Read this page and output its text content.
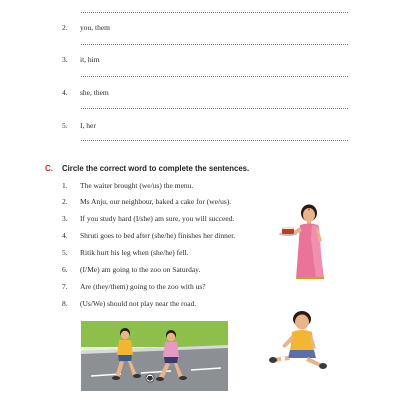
2.	you, them
3.	it, him
4.	she, them
5.	I, her
C. Circle the correct word to complete the sentences.
1. The waiter brought (we/us) the menu.
2. Ms Anju, our neighbour, baked a cake for (we/us).
3. If you study hard (I/she) am sure, you will succeed.
4. Shruti goes to bed after (she/he) finishes her dinner.
5. Ritik hurt his leg when (she/he) fell.
6. (I/Me) am going to the zoo on Saturday.
7. Are (they/them) going to the zoo with us?
8. (Us/We) should not play near the road.
